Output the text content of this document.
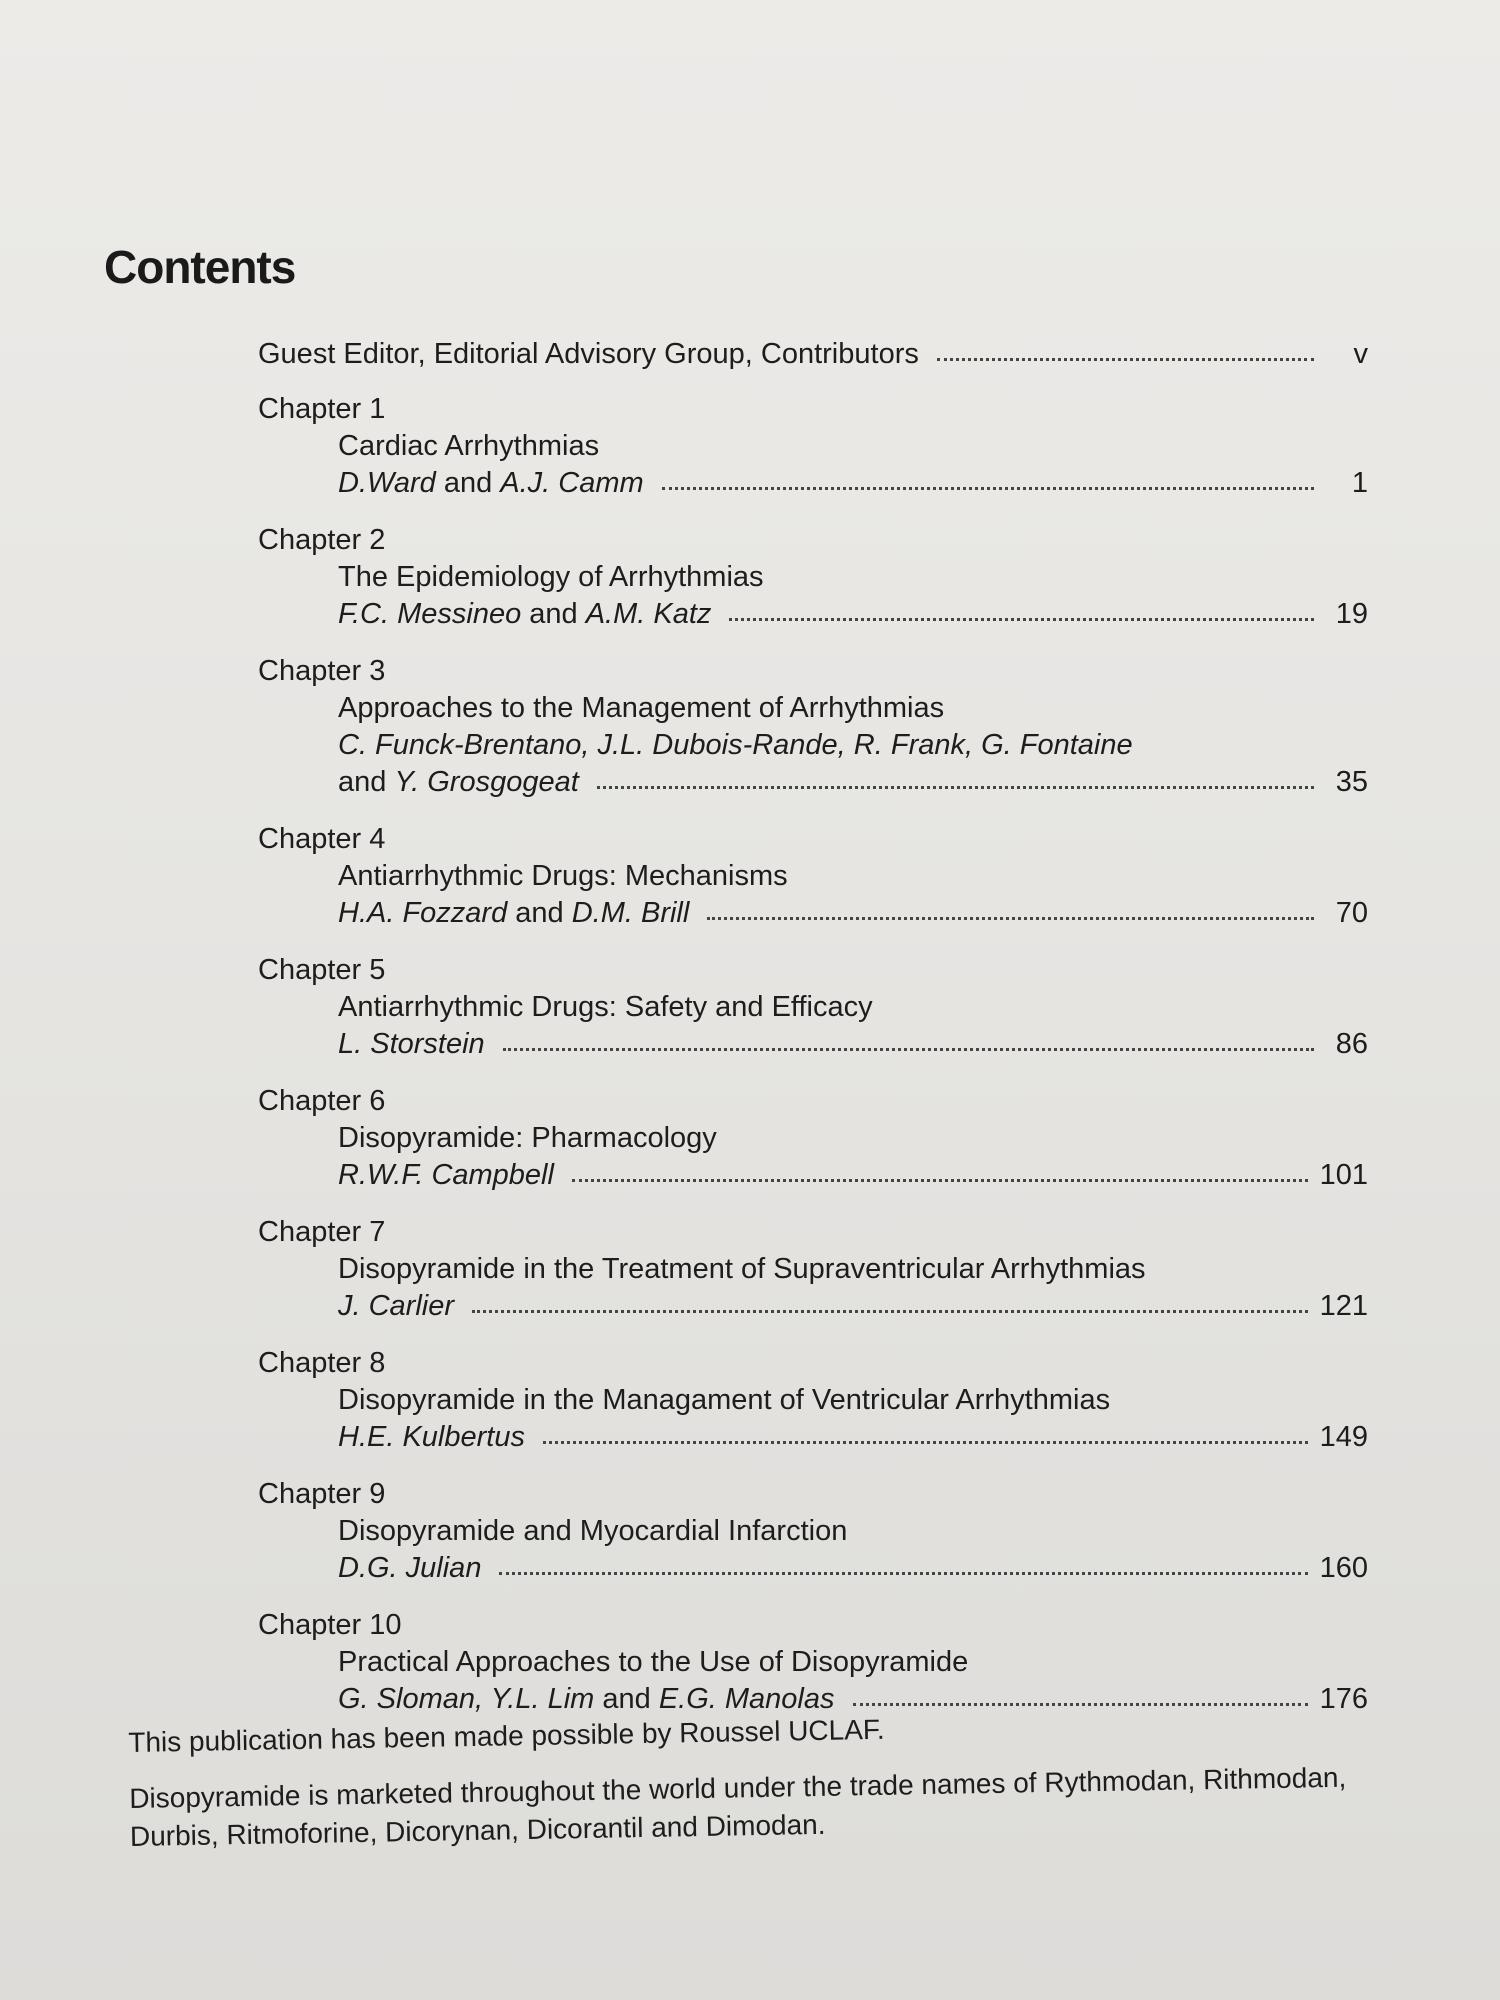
Contents
Guest Editor, Editorial Advisory Group, Contributors	v
Chapter 1
Cardiac Arrhythmias
D.Ward and A.J. Camm	1
Chapter 2
The Epidemiology of Arrhythmias
F.C. Messineo and A.M. Katz	19
Chapter 3
Approaches to the Management of Arrhythmias
C. Funck-Brentano, J.L. Dubois-Rande, R. Frank, G. Fontaine
and Y. Grosgogeat	35
Chapter 4
Antiarrhythmic Drugs: Mechanisms
H.A. Fozzard and D.M. Brill	70
Chapter 5
Antiarrhythmic Drugs: Safety and Efficacy
L. Storstein	86
Chapter 6
Disopyramide: Pharmacology
R.W.F. Campbell	101
Chapter 7
Disopyramide in the Treatment of Supraventricular Arrhythmias
J. Carlier	121
Chapter 8
Disopyramide in the Managament of Ventricular Arrhythmias
H.E. Kulbertus	149
Chapter 9
Disopyramide and Myocardial Infarction
D.G. Julian	160
Chapter 10
Practical Approaches to the Use of Disopyramide
G. Sloman, Y.L. Lim and E.G. Manolas	176

This publication has been made possible by Roussel UCLAF.

Disopyramide is marketed throughout the world under the trade names of Rythmodan, Rithmodan, Durbis, Ritmoforine, Dicorynan, Dicorantil and Dimodan.
